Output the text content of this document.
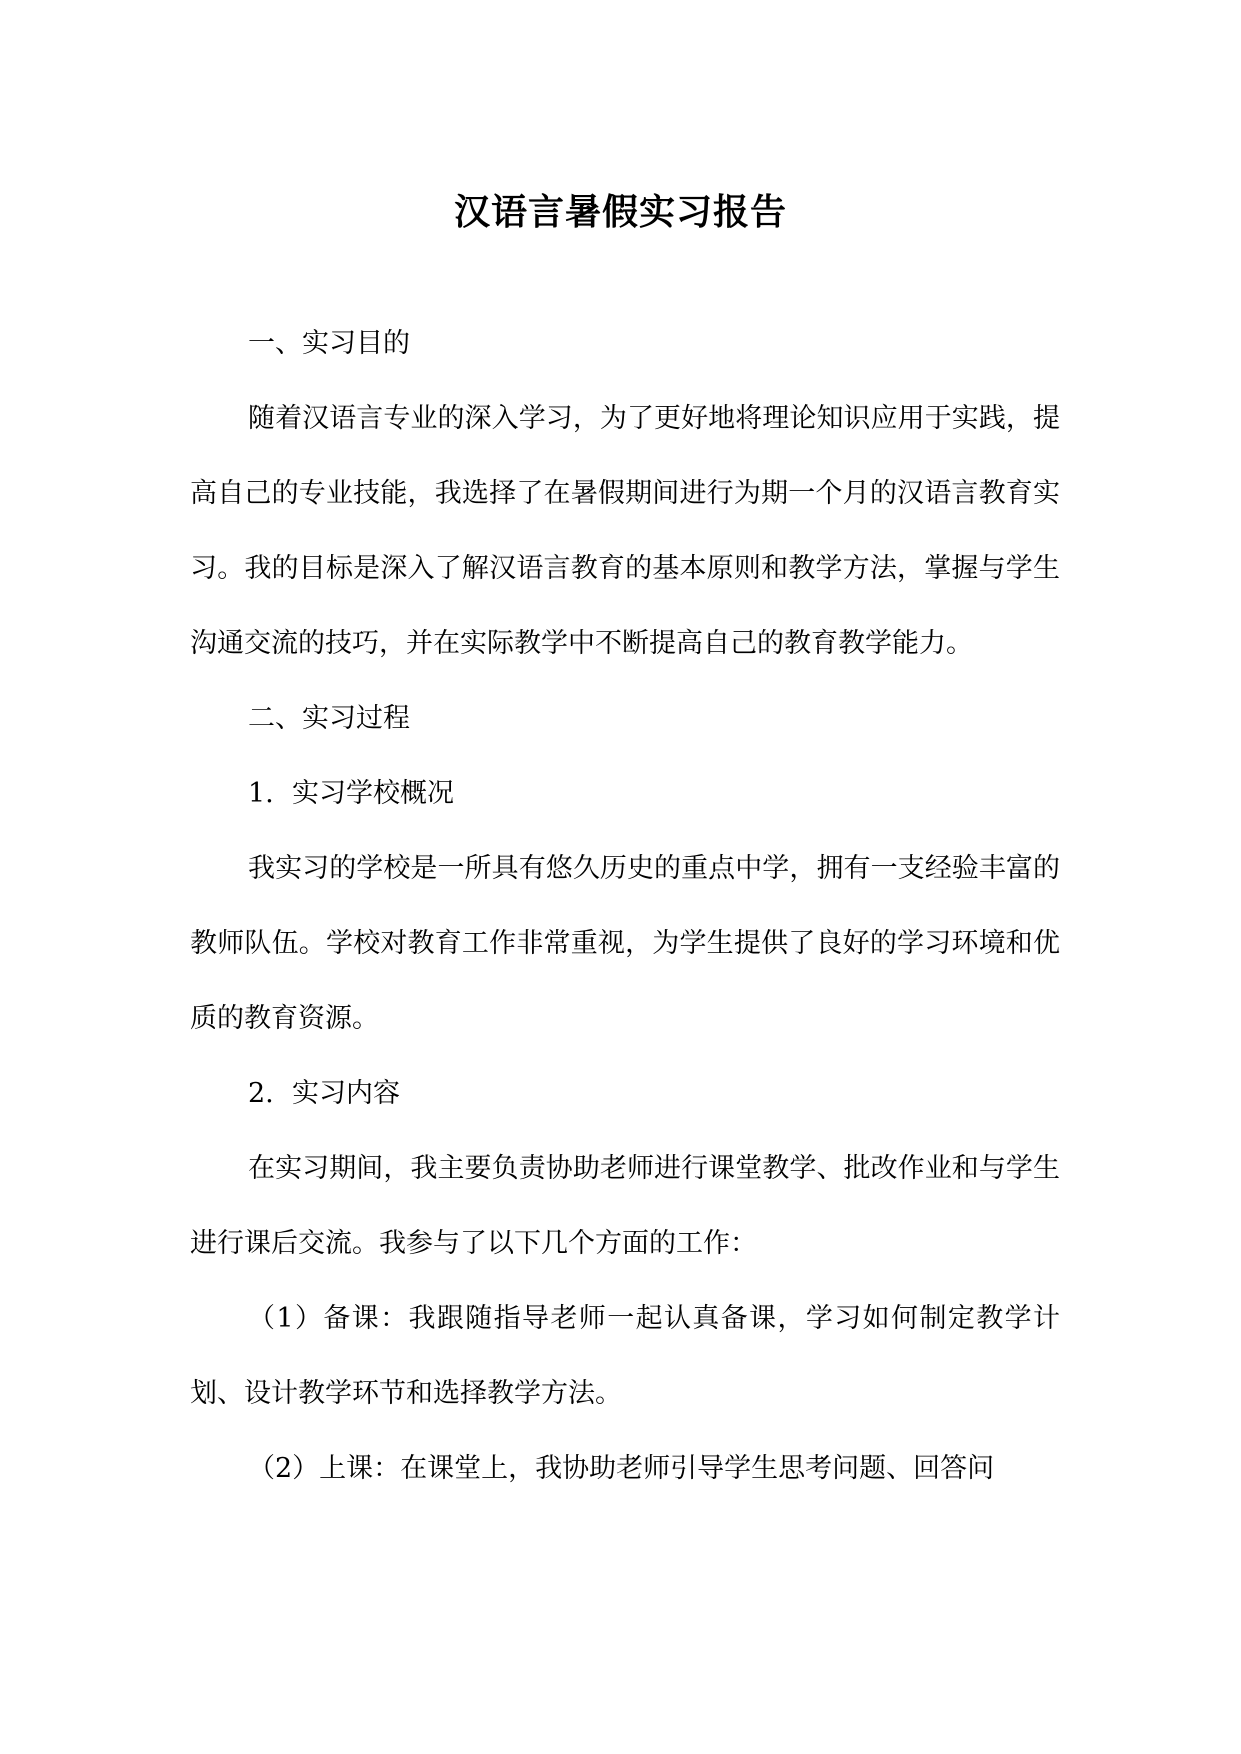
汉语言暑假实习报告

一、实习目的

随着汉语言专业的深入学习，为了更好地将理论知识应用于实践，提高自己的专业技能，我选择了在暑假期间进行为期一个月的汉语言教育实习。我的目标是深入了解汉语言教育的基本原则和教学方法，掌握与学生沟通交流的技巧，并在实际教学中不断提高自己的教育教学能力。

二、实习过程

1. 实习学校概况

我实习的学校是一所具有悠久历史的重点中学，拥有一支经验丰富的教师队伍。学校对教育工作非常重视，为学生提供了良好的学习环境和优质的教育资源。

2. 实习内容

在实习期间，我主要负责协助老师进行课堂教学、批改作业和与学生进行课后交流。我参与了以下几个方面的工作：

（1）备课：我跟随指导老师一起认真备课，学习如何制定教学计划、设计教学环节和选择教学方法。

（2）上课：在课堂上，我协助老师引导学生思考问题、回答问
